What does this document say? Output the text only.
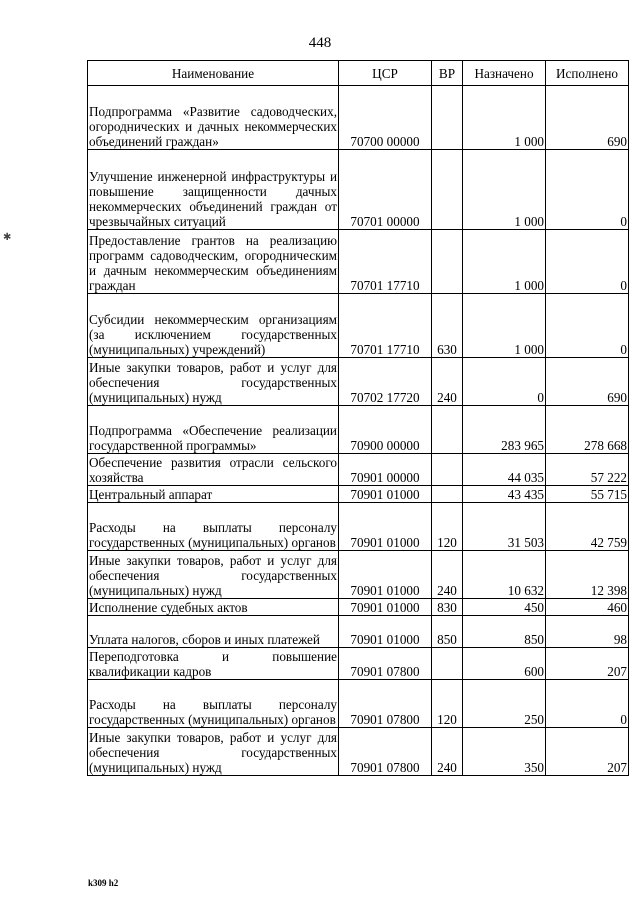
448
✱
Наименование	ЦСР	ВР	Назначено	Исполнено
Подпрограмма «Развитие садоводческих, огороднических и дачных некоммерческих объединений граждан»	70700 00000		1 000	690
Улучшение инженерной инфраструктуры и повышение защищенности дачных некоммерческих объединений граждан от чрезвычайных ситуаций	70701 00000		1 000	0
Предоставление грантов на реализацию программ садоводческим, огородническим и дачным некоммерческим объединениям граждан	70701 17710		1 000	0
Субсидии некоммерческим организациям (за исключением государственных (муниципальных) учреждений)	70701 17710	630	1 000	0
Иные закупки товаров, работ и услуг для обеспечения государственных (муниципальных) нужд	70702 17720	240	0	690
Подпрограмма «Обеспечение реализации государственной программы»	70900 00000		283 965	278 668
Обеспечение развития отрасли сельского хозяйства	70901 00000		44 035	57 222
Центральный аппарат	70901 01000		43 435	55 715
Расходы на выплаты персоналу государственных (муниципальных) органов	70901 01000	120	31 503	42 759
Иные закупки товаров, работ и услуг для обеспечения государственных (муниципальных) нужд	70901 01000	240	10 632	12 398
Исполнение судебных актов	70901 01000	830	450	460
Уплата налогов, сборов и иных платежей	70901 01000	850	850	98
Переподготовка и повышение квалификации кадров	70901 07800		600	207
Расходы на выплаты персоналу государственных (муниципальных) органов	70901 07800	120	250	0
Иные закупки товаров, работ и услуг для обеспечения государственных (муниципальных) нужд	70901 07800	240	350	207
k309 h2
